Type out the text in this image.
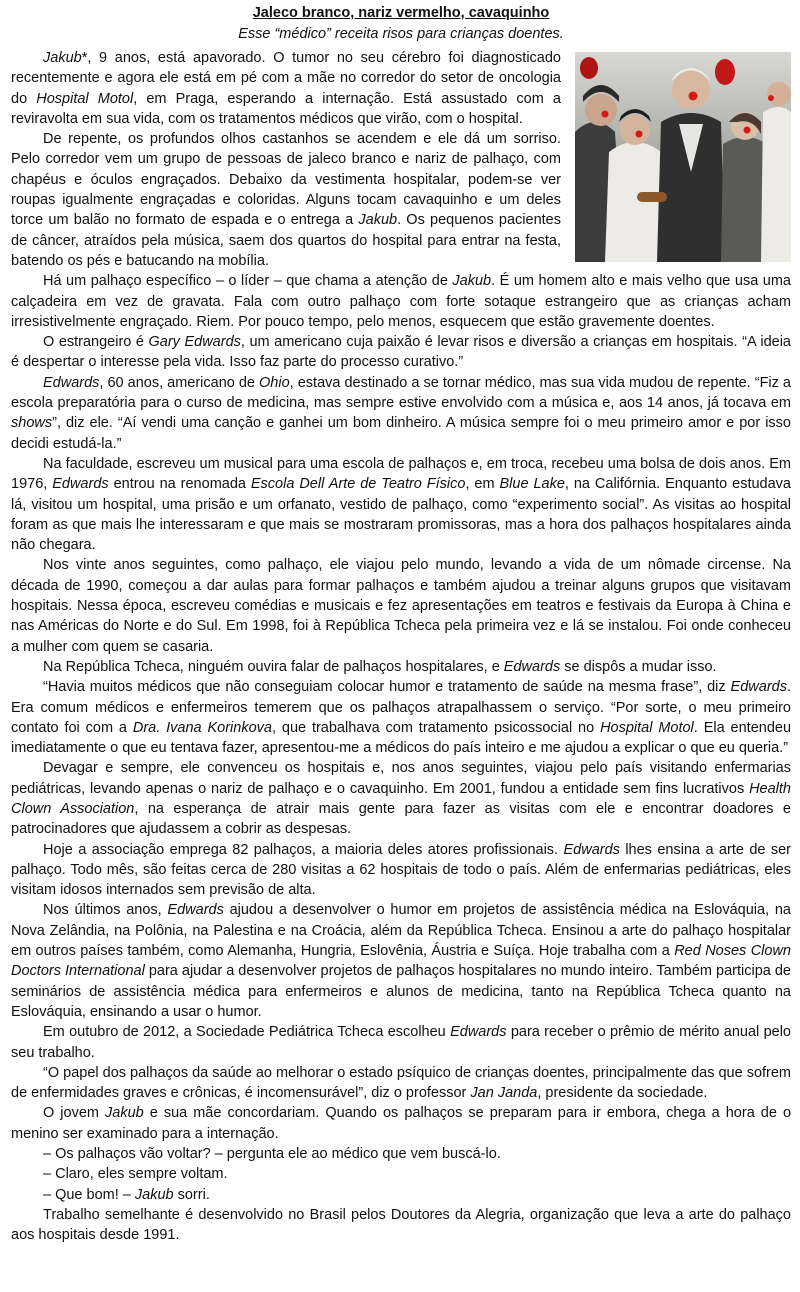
Jaleco branco, nariz vermelho, cavaquinho

Esse “médico” receita risos para crianças doentes.

Jakub*, 9 anos, está apavorado. O tumor no seu cérebro foi diagnosticado recentemente e agora ele está em pé com a mãe no corredor do setor de oncologia do Hospital Motol, em Praga, esperando a internação. Está assustado com a reviravolta em sua vida, com os tratamentos médicos que virão, com o hospital.

De repente, os profundos olhos castanhos se acendem e ele dá um sorriso. Pelo corredor vem um grupo de pessoas de jaleco branco e nariz de palhaço, com chapéus e óculos engraçados. Debaixo da vestimenta hospitalar, podem-se ver roupas igualmente engraçadas e coloridas. Alguns tocam cavaquinho e um deles torce um balão no formato de espada e o entrega a Jakub. Os pequenos pacientes de câncer, atraídos pela música, saem dos quartos do hospital para entrar na festa, batendo os pés e batucando na mobília.

Há um palhaço específico – o líder – que chama a atenção de Jakub. É um homem alto e mais velho que usa uma calçadeira em vez de gravata. Fala com outro palhaço com forte sotaque estrangeiro que as crianças acham irresistivelmente engraçado. Riem. Por pouco tempo, pelo menos, esquecem que estão gravemente doentes.

O estrangeiro é Gary Edwards, um americano cuja paixão é levar risos e diversão a crianças em hospitais. “A ideia é despertar o interesse pela vida. Isso faz parte do processo curativo.”

Edwards, 60 anos, americano de Ohio, estava destinado a se tornar médico, mas sua vida mudou de repente. “Fiz a escola preparatória para o curso de medicina, mas sempre estive envolvido com a música e, aos 14 anos, já tocava em shows”, diz ele. “Aí vendi uma canção e ganhei um bom dinheiro. A música sempre foi o meu primeiro amor e por isso decidi estudá-la.”

Na faculdade, escreveu um musical para uma escola de palhaços e, em troca, recebeu uma bolsa de dois anos. Em 1976, Edwards entrou na renomada Escola Dell Arte de Teatro Físico, em Blue Lake, na Califórnia. Enquanto estudava lá, visitou um hospital, uma prisão e um orfanato, vestido de palhaço, como “experimento social”. As visitas ao hospital foram as que mais lhe interessaram e que mais se mostraram promissoras, mas a hora dos palhaços hospitalares ainda não chegara.

Nos vinte anos seguintes, como palhaço, ele viajou pelo mundo, levando a vida de um nômade circense. Na década de 1990, começou a dar aulas para formar palhaços e também ajudou a treinar alguns grupos que visitavam hospitais. Nessa época, escreveu comédias e musicais e fez apresentações em teatros e festivais da Europa à China e nas Américas do Norte e do Sul. Em 1998, foi à República Tcheca pela primeira vez e lá se instalou. Foi onde conheceu a mulher com quem se casaria.

Na República Tcheca, ninguém ouvira falar de palhaços hospitalares, e Edwards se dispôs a mudar isso.

“Havia muitos médicos que não conseguiam colocar humor e tratamento de saúde na mesma frase”, diz Edwards. Era comum médicos e enfermeiros temerem que os palhaços atrapalhassem o serviço. “Por sorte, o meu primeiro contato foi com a Dra. Ivana Korinkova, que trabalhava com tratamento psicossocial no Hospital Motol. Ela entendeu imediatamente o que eu tentava fazer, apresentou-me a médicos do país inteiro e me ajudou a explicar o que eu queria.”

Devagar e sempre, ele convenceu os hospitais e, nos anos seguintes, viajou pelo país visitando enfermarias pediátricas, levando apenas o nariz de palhaço e o cavaquinho. Em 2001, fundou a entidade sem fins lucrativos Health Clown Association, na esperança de atrair mais gente para fazer as visitas com ele e encontrar doadores e patrocinadores que ajudassem a cobrir as despesas.

Hoje a associação emprega 82 palhaços, a maioria deles atores profissionais. Edwards lhes ensina a arte de ser palhaço. Todo mês, são feitas cerca de 280 visitas a 62 hospitais de todo o país. Além de enfermarias pediátricas, eles visitam idosos internados sem previsão de alta.

Nos últimos anos, Edwards ajudou a desenvolver o humor em projetos de assistência médica na Eslováquia, na Nova Zelândia, na Polônia, na Palestina e na Croácia, além da República Tcheca. Ensinou a arte do palhaço hospitalar em outros países também, como Alemanha, Hungria, Eslovênia, Áustria e Suíça. Hoje trabalha com a Red Noses Clown Doctors International para ajudar a desenvolver projetos de palhaços hospitalares no mundo inteiro. Também participa de seminários de assistência médica para enfermeiros e alunos de medicina, tanto na República Tcheca quanto na Eslováquia, ensinando a usar o humor.

Em outubro de 2012, a Sociedade Pediátrica Tcheca escolheu Edwards para receber o prêmio de mérito anual pelo seu trabalho.

“O papel dos palhaços da saúde ao melhorar o estado psíquico de crianças doentes, principalmente das que sofrem de enfermidades graves e crônicas, é incomensurável”, diz o professor Jan Janda, presidente da sociedade.

O jovem Jakub e sua mãe concordariam. Quando os palhaços se preparam para ir embora, chega a hora de o menino ser examinado para a internação.

– Os palhaços vão voltar? – pergunta ele ao médico que vem buscá-lo.

– Claro, eles sempre voltam.

– Que bom! – Jakub sorri.

Trabalho semelhante é desenvolvido no Brasil pelos Doutores da Alegria, organização que leva a arte do palhaço aos hospitais desde 1991.
